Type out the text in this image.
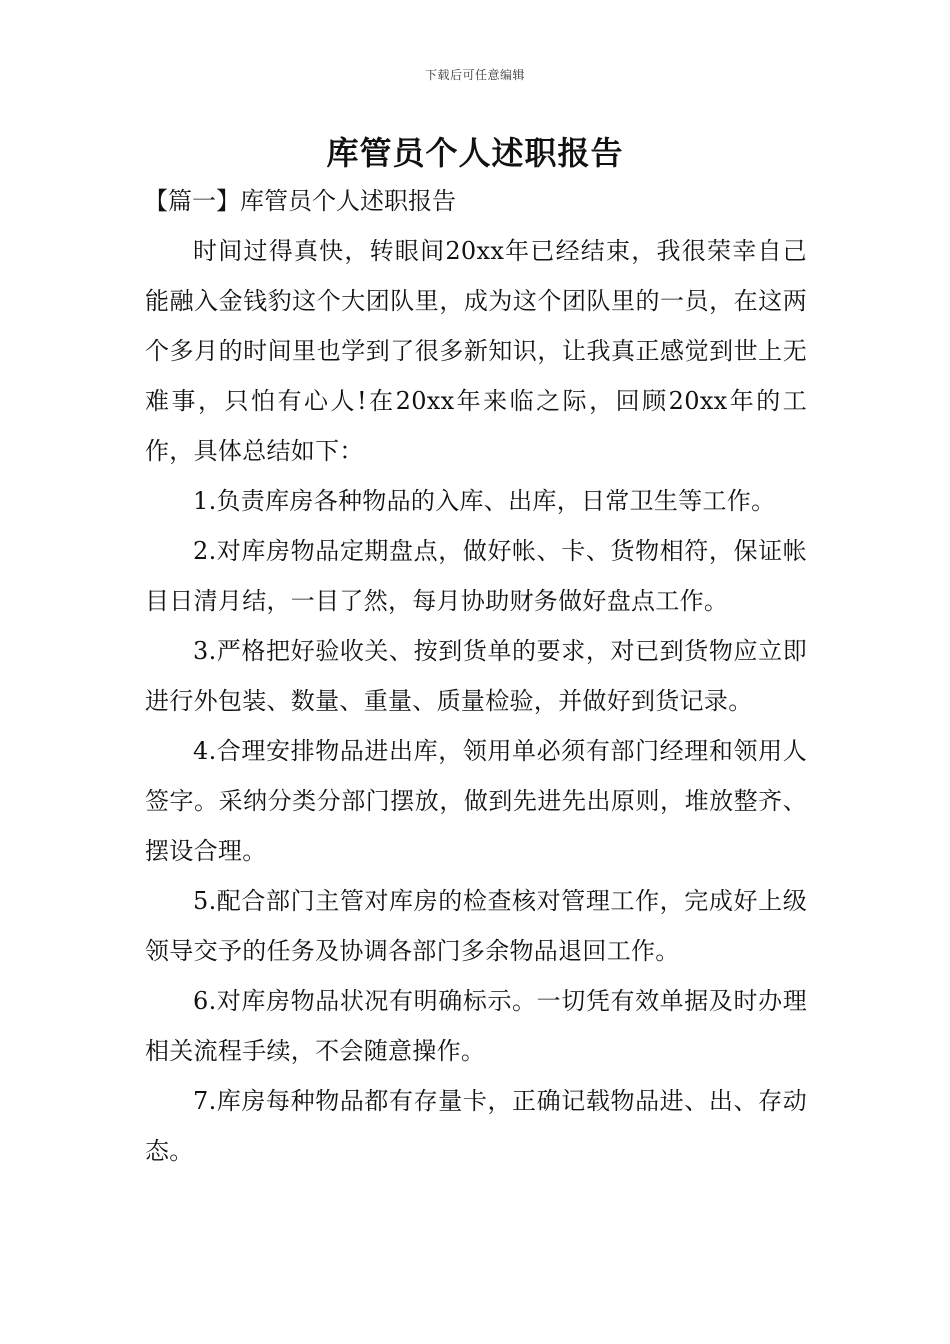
下载后可任意编辑
库管员个人述职报告
【篇一】库管员个人述职报告

时间过得真快，转眼间20xx年已经结束，我很荣幸自己能融入金钱豹这个大团队里，成为这个团队里的一员，在这两个多月的时间里也学到了很多新知识，让我真正感觉到世上无难事，只怕有心人!在20xx年来临之际，回顾20xx年的工作，具体总结如下：

1.负责库房各种物品的入库、出库，日常卫生等工作。

2.对库房物品定期盘点，做好帐、卡、货物相符，保证帐目日清月结，一目了然，每月协助财务做好盘点工作。

3.严格把好验收关、按到货单的要求，对已到货物应立即进行外包装、数量、重量、质量检验，并做好到货记录。

4.合理安排物品进出库，领用单必须有部门经理和领用人签字。采纳分类分部门摆放，做到先进先出原则，堆放整齐、摆设合理。

5.配合部门主管对库房的检查核对管理工作，完成好上级领导交予的任务及协调各部门多余物品退回工作。

6.对库房物品状况有明确标示。一切凭有效单据及时办理相关流程手续，不会随意操作。

7.库房每种物品都有存量卡，正确记载物品进、出、存动态。
